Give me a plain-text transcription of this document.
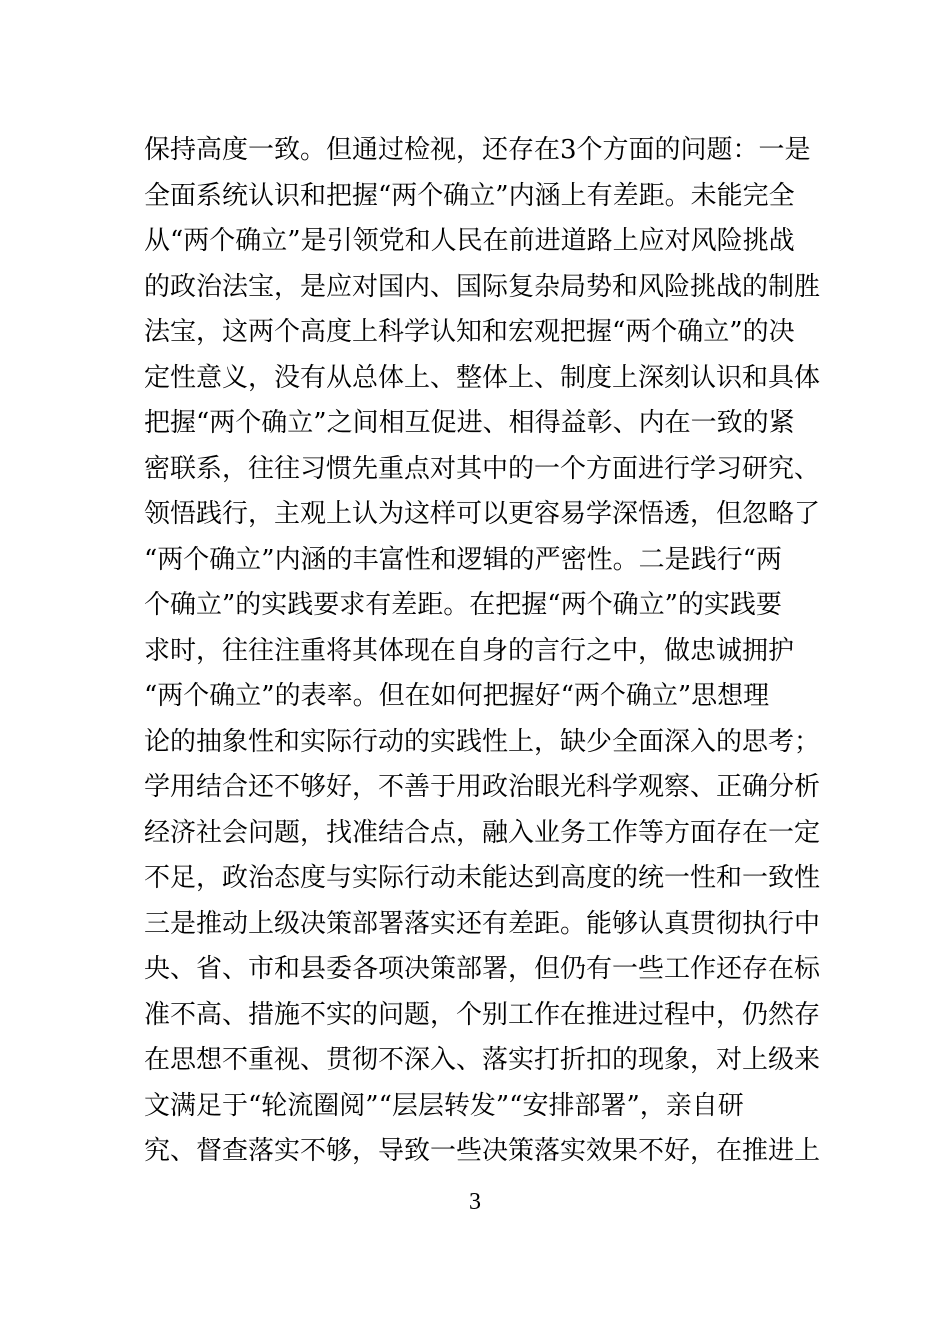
保持高度一致。但通过检视，还存在3个方面的问题：一是
全面系统认识和把握“两个确立”内涵上有差距。未能完全
从“两个确立”是引领党和人民在前进道路上应对风险挑战
的政治法宝，是应对国内、国际复杂局势和风险挑战的制胜
法宝，这两个高度上科学认知和宏观把握“两个确立”的决
定性意义，没有从总体上、整体上、制度上深刻认识和具体
把握“两个确立”之间相互促进、相得益彰、内在一致的紧
密联系，往往习惯先重点对其中的一个方面进行学习研究、
领悟践行，主观上认为这样可以更容易学深悟透，但忽略了
“两个确立”内涵的丰富性和逻辑的严密性。二是践行“两
个确立”的实践要求有差距。在把握“两个确立”的实践要
求时，往往注重将其体现在自身的言行之中，做忠诚拥护
“两个确立”的表率。但在如何把握好“两个确立”思想理
论的抽象性和实际行动的实践性上，缺少全面深入的思考；
学用结合还不够好，不善于用政治眼光科学观察、正确分析
经济社会问题，找准结合点，融入业务工作等方面存在一定
不足，政治态度与实际行动未能达到高度的统一性和一致性
三是推动上级决策部署落实还有差距。能够认真贯彻执行中
央、省、市和县委各项决策部署，但仍有一些工作还存在标
准不高、措施不实的问题，个别工作在推进过程中，仍然存
在思想不重视、贯彻不深入、落实打折扣的现象，对上级来
文满足于“轮流圈阅”“层层转发”“安排部署”，亲自研
究、督查落实不够，导致一些决策落实效果不好，在推进上
3
